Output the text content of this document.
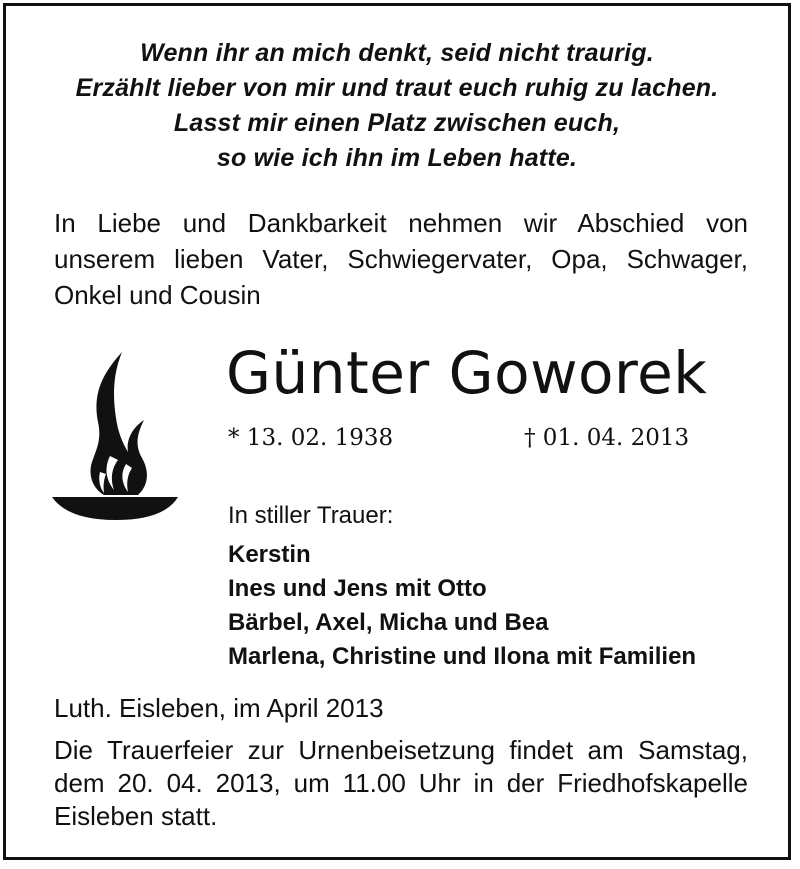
Wenn ihr an mich denkt, seid nicht traurig.
Erzählt lieber von mir und traut euch ruhig zu lachen.
Lasst mir einen Platz zwischen euch,
so wie ich ihn im Leben hatte.
In Liebe und Dankbarkeit nehmen wir Abschied von
unserem lieben Vater, Schwiegervater, Opa, Schwager,
Onkel und Cousin
Günter Goworek
* 13. 02. 1938	† 01. 04. 2013
In stiller Trauer:
Kerstin
Ines und Jens mit Otto
Bärbel, Axel, Micha und Bea
Marlena, Christine und Ilona mit Familien
Luth. Eisleben, im April 2013
Die Trauerfeier zur Urnenbeisetzung findet am Samstag,
dem 20. 04. 2013, um 11.00 Uhr in der Friedhofskapelle
Eisleben statt.
